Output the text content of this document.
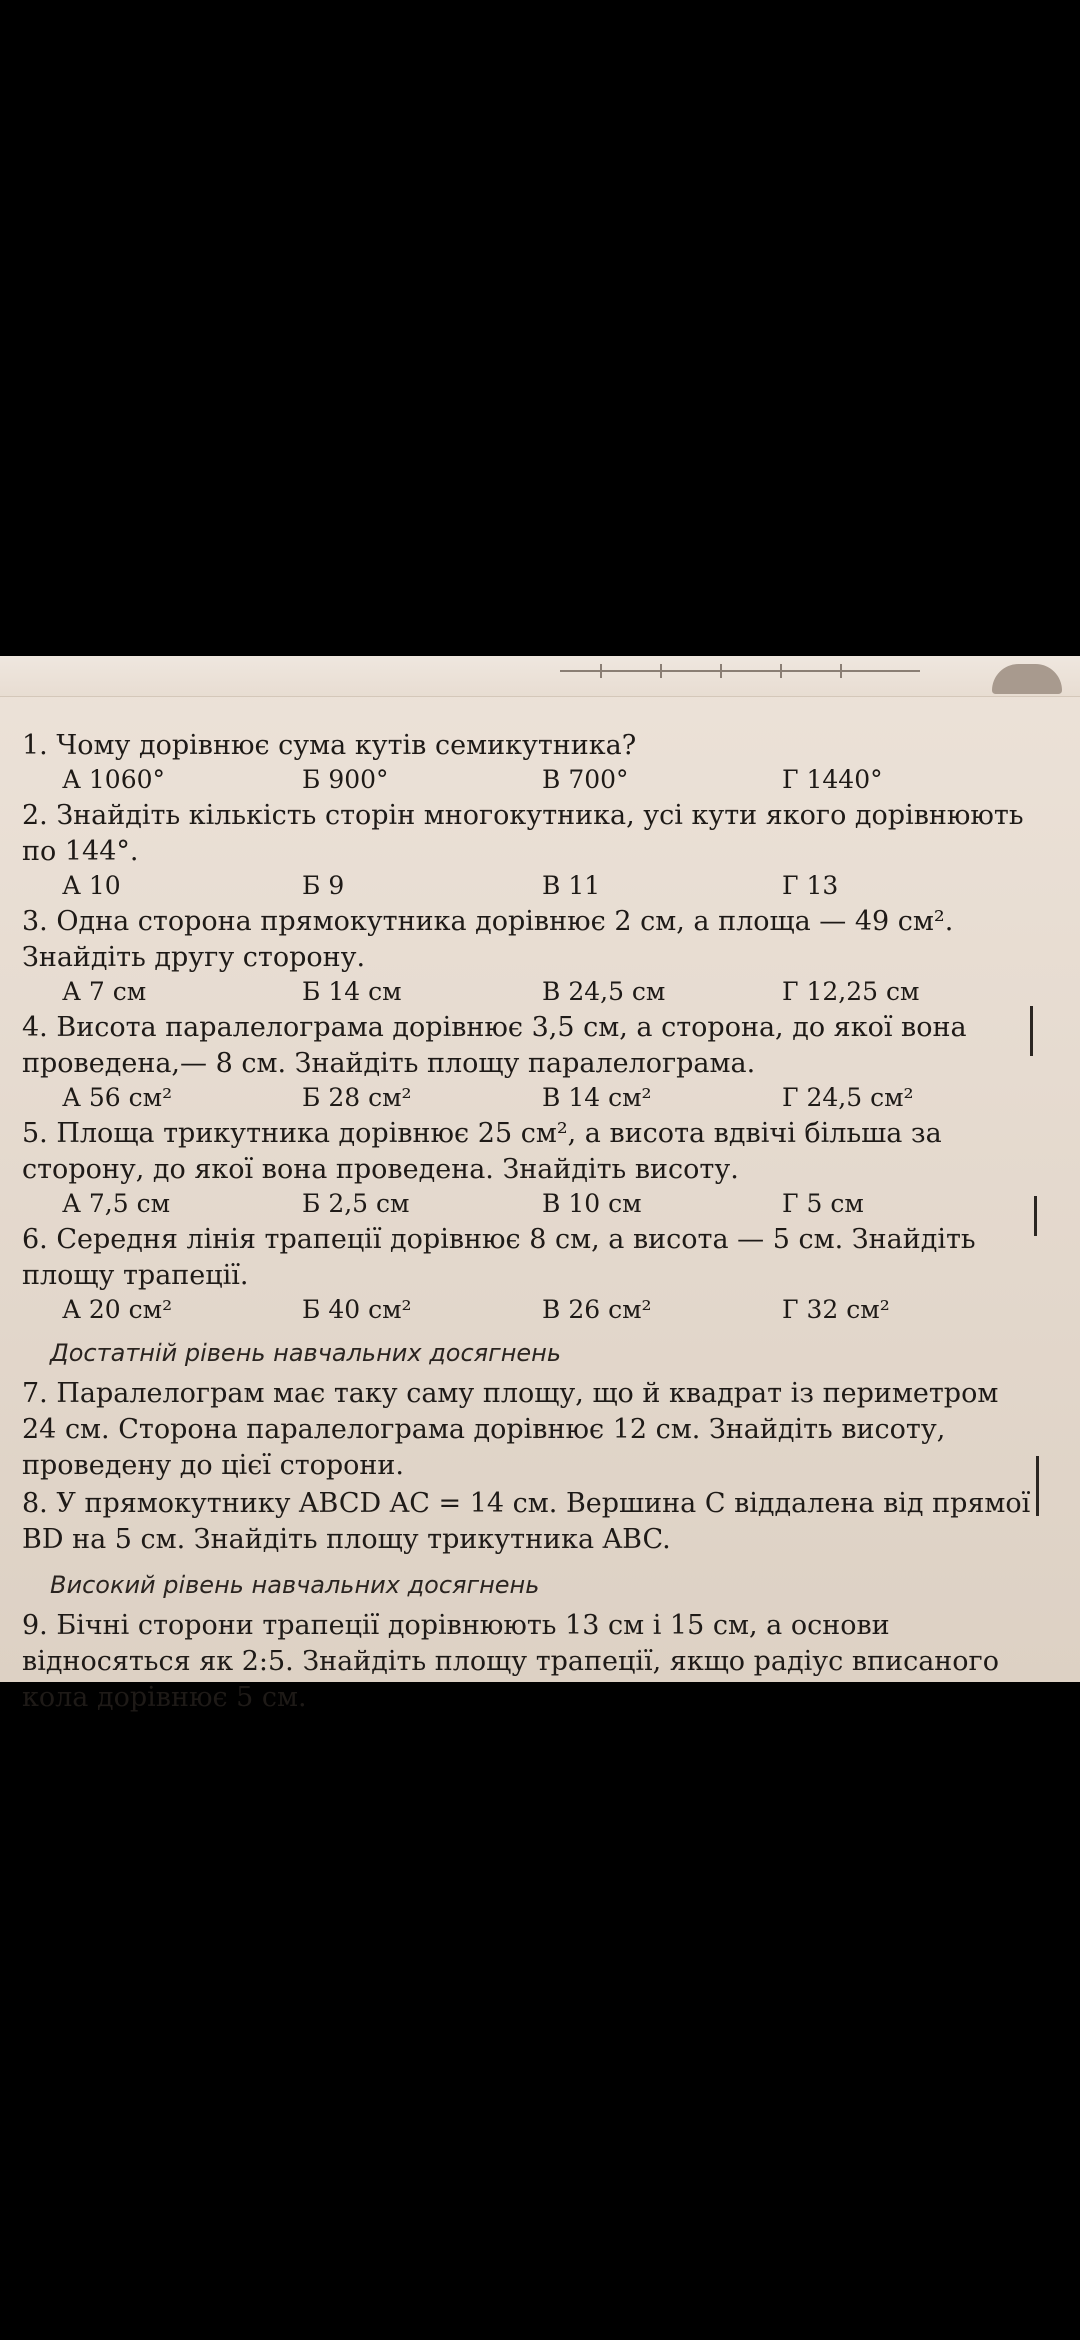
1. Чому дорівнює сума кутів семикутника?

А 1060°	Б 900°	В 700°	Г 1440°

2. Знайдіть кількість сторін многокутника, усі кути якого дорівнюють по 144°.

А 10	Б 9	В 11	Г 13

3. Одна сторона прямокутника дорівнює 2 см, а площа — 49 см². Знайдіть другу сторону.

А 7 см	Б 14 см	В 24,5 см	Г 12,25 см

4. Висота паралелограма дорівнює 3,5 см, а сторона, до якої вона проведена,— 8 см. Знайдіть площу паралелограма.

А 56 см²	Б 28 см²	В 14 см²	Г 24,5 см²

5. Площа трикутника дорівнює 25 см², а висота вдвічі більша за сторону, до якої вона проведена. Знайдіть висоту.

А 7,5 см	Б 2,5 см	В 10 см	Г 5 см

6. Середня лінія трапеції дорівнює 8 см, а висота — 5 см. Знайдіть площу трапеції.

А 20 см²	Б 40 см²	В 26 см²	Г 32 см²
Достатній рівень навчальних досягнень

7. Паралелограм має таку саму площу, що й квадрат із периметром 24 см. Сторона паралелограма дорівнює 12 см. Знайдіть висоту, проведену до цієї сторони.

8. У прямокутнику ABCD AC = 14 см. Вершина C віддалена від прямої BD на 5 см. Знайдіть площу трикутника ABC.

Високий рівень навчальних досягнень

9. Бічні сторони трапеції дорівнюють 13 см і 15 см, а основи відносяться як 2:5. Знайдіть площу трапеції, якщо радіус вписаного кола дорівнює 5 см.
